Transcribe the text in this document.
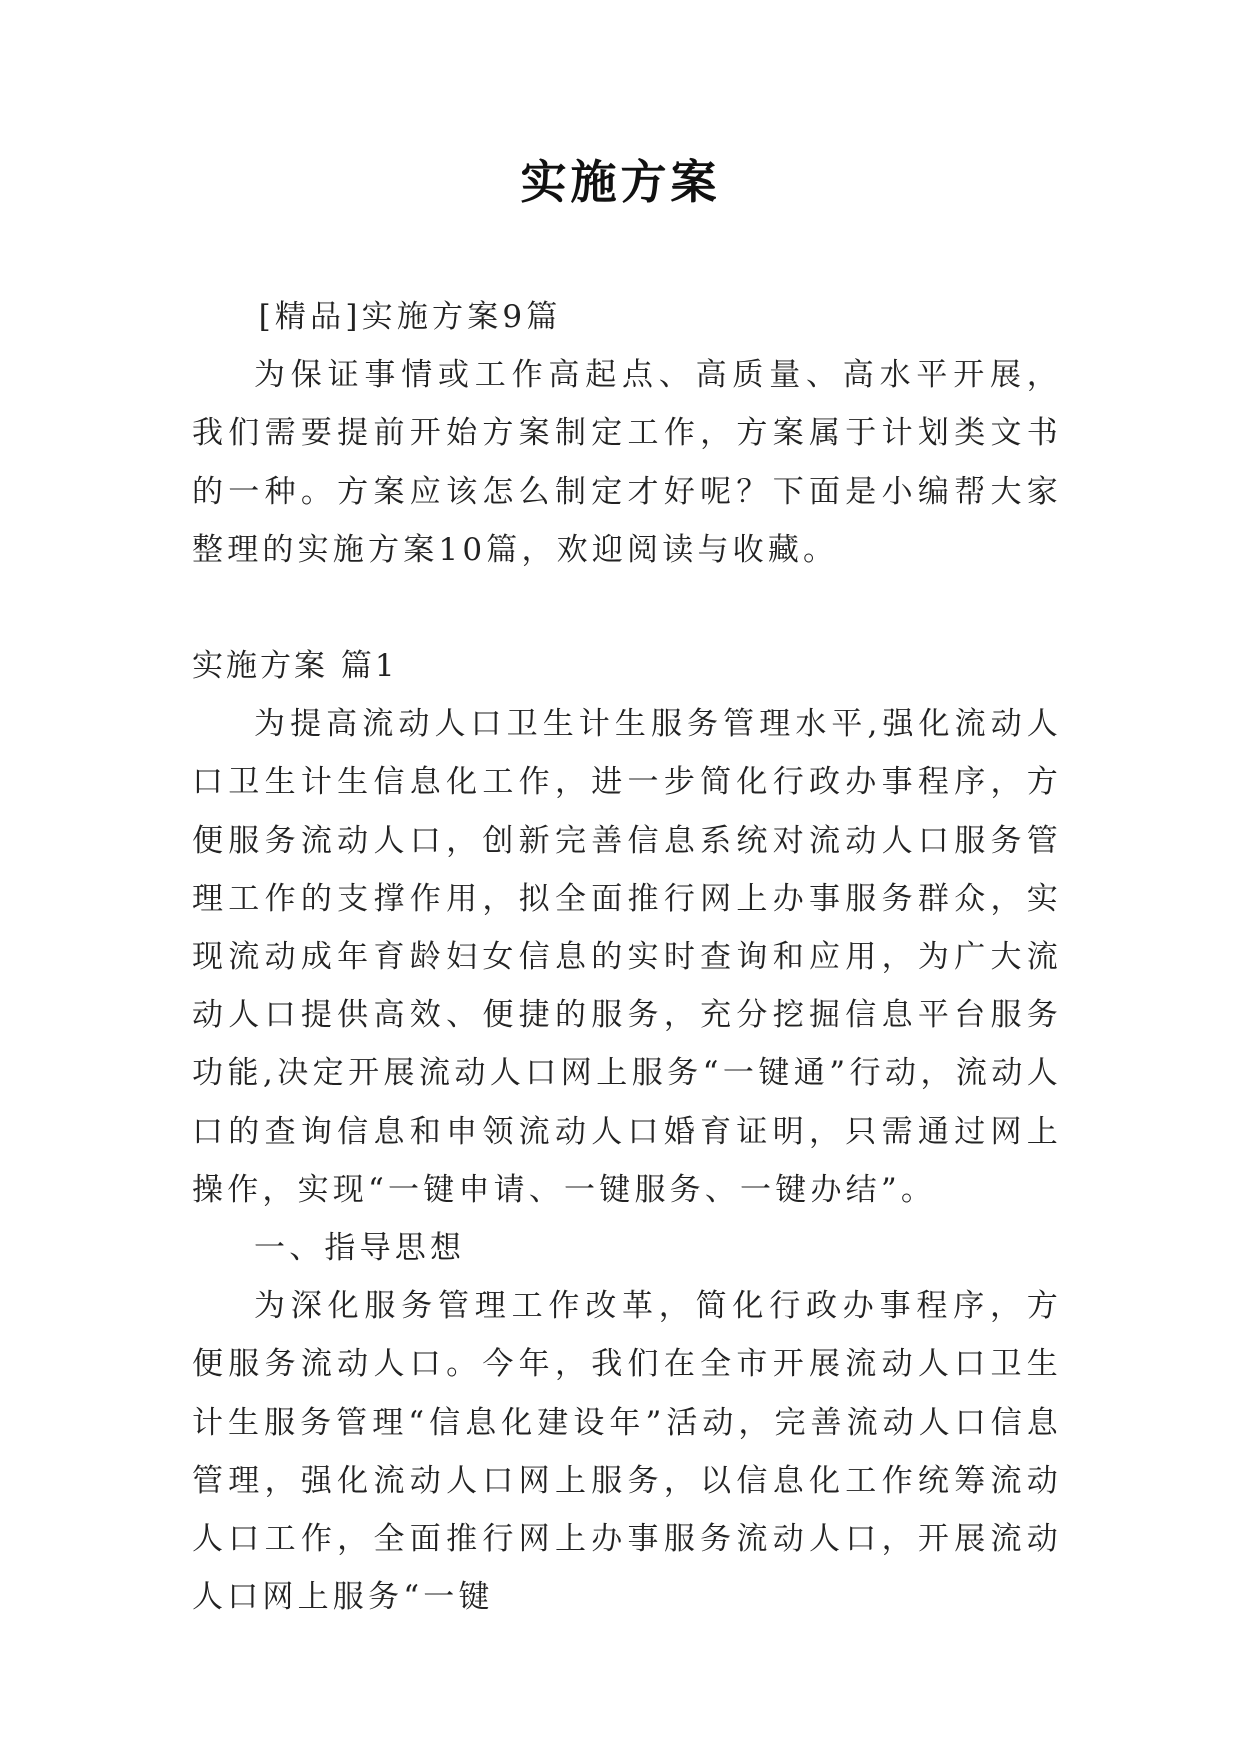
实施方案

[精品]实施方案9篇

为保证事情或工作高起点、高质量、高水平开展，我们需要提前开始方案制定工作，方案属于计划类文书的一种。方案应该怎么制定才好呢？下面是小编帮大家整理的实施方案10篇，欢迎阅读与收藏。

实施方案 篇1

为提高流动人口卫生计生服务管理水平,强化流动人口卫生计生信息化工作，进一步简化行政办事程序，方便服务流动人口，创新完善信息系统对流动人口服务管理工作的支撑作用，拟全面推行网上办事服务群众，实现流动成年育龄妇女信息的实时查询和应用，为广大流动人口提供高效、便捷的服务，充分挖掘信息平台服务功能,决定开展流动人口网上服务“一键通”行动，流动人口的查询信息和申领流动人口婚育证明，只需通过网上操作，实现“一键申请、一键服务、一键办结”。

一、指导思想

为深化服务管理工作改革，简化行政办事程序，方便服务流动人口。今年，我们在全市开展流动人口卫生计生服务管理“信息化建设年”活动，完善流动人口信息管理，强化流动人口网上服务，以信息化工作统筹流动人口工作，全面推行网上办事服务流动人口，开展流动人口网上服务“一键
